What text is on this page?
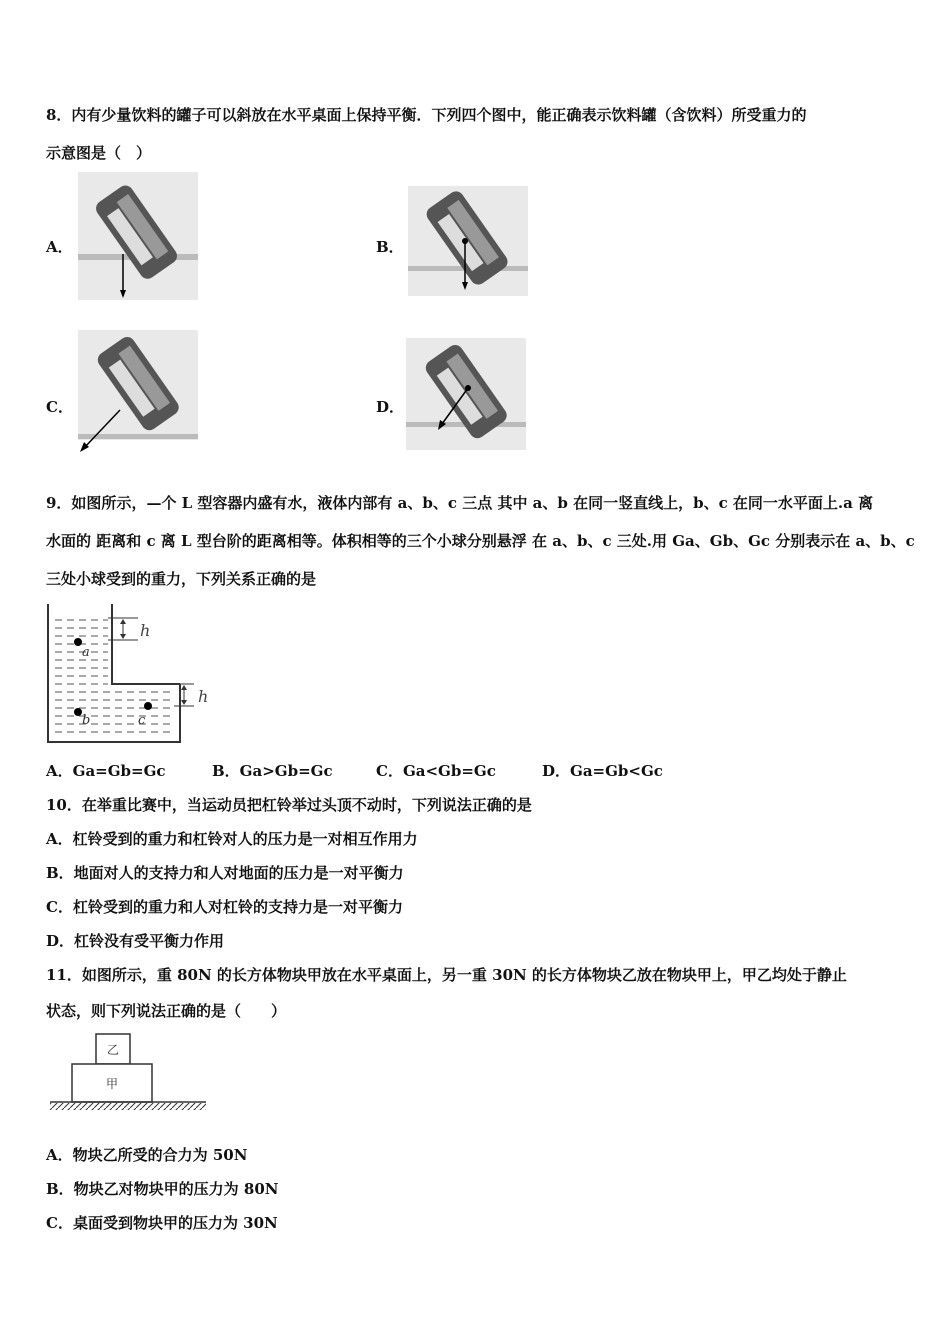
8．内有少量饮料的罐子可以斜放在水平桌面上保持平衡．下列四个图中，能正确表示饮料罐（含饮料）所受重力的
示意图是（　）
A．	B．
C．	D．
9．如图所示，—个 L 型容器内盛有水，液体内部有 a、b、c 三点 其中 a、b 在同一竖直线上，b、c 在同一水平面上.a 离
水面的 距离和 c 离 L 型台阶的距离相等。体积相等的三个小球分别悬浮 在 a、b、c 三处.用 Ga、Gb、Gc 分别表示在 a、b、c
三处小球受到的重力，下列关系正确的是
h
h
a
b	c
A．Ga=Gb=Gc	B．Ga>Gb=Gc	C．Ga<Gb=Gc	D．Ga=Gb<Gc
10．在举重比赛中，当运动员把杠铃举过头顶不动时，下列说法正确的是
A．杠铃受到的重力和杠铃对人的压力是一对相互作用力
B．地面对人的支持力和人对地面的压力是一对平衡力
C．杠铃受到的重力和人对杠铃的支持力是一对平衡力
D．杠铃没有受平衡力作用
11．如图所示，重 80N 的长方体物块甲放在水平桌面上，另一重 30N 的长方体物块乙放在物块甲上，甲乙均处于静止
状态，则下列说法正确的是（　　）
乙
甲
A．物块乙所受的合力为 50N
B．物块乙对物块甲的压力为 80N
C．桌面受到物块甲的压力为 30N
